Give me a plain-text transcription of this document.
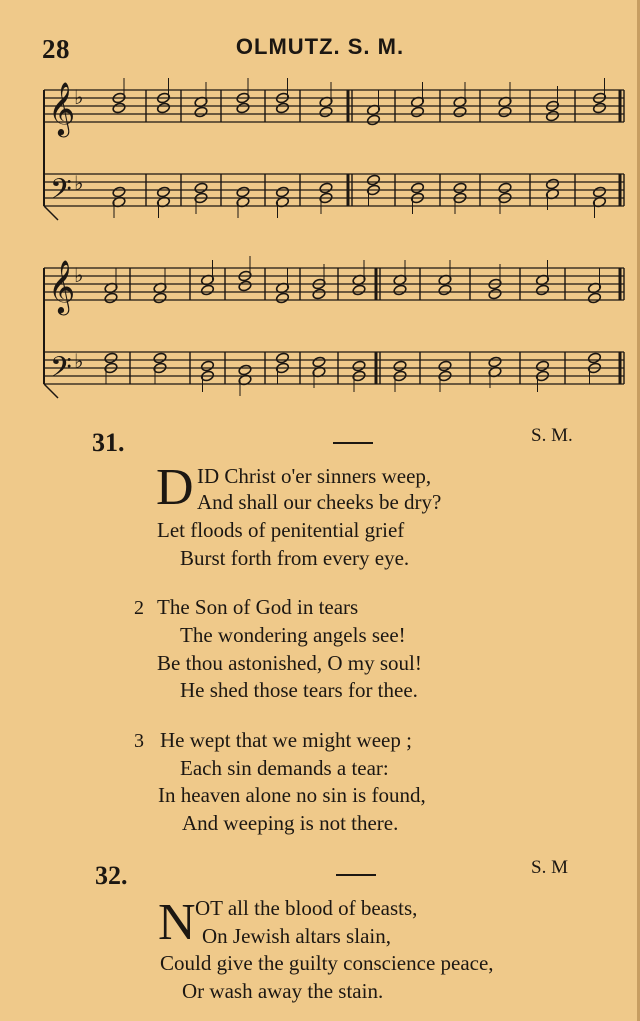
28	OLMUTZ. S. M.
𝄞
𝄢
♭
♭
𝄞
𝄢
♭
♭
31.	S. M.
D ID Christ o'er sinners weep,
And shall our cheeks be dry?
Let floods of penitential grief
Burst forth from every eye.
2 The Son of God in tears
The wondering angels see!
Be thou astonished, O my soul!
He shed those tears for thee.
3 He wept that we might weep ;
Each sin demands a tear:
In heaven alone no sin is found,
And weeping is not there.
32.	S. M
N OT all the blood of beasts,
On Jewish altars slain,
Could give the guilty conscience peace,
Or wash away the stain.
